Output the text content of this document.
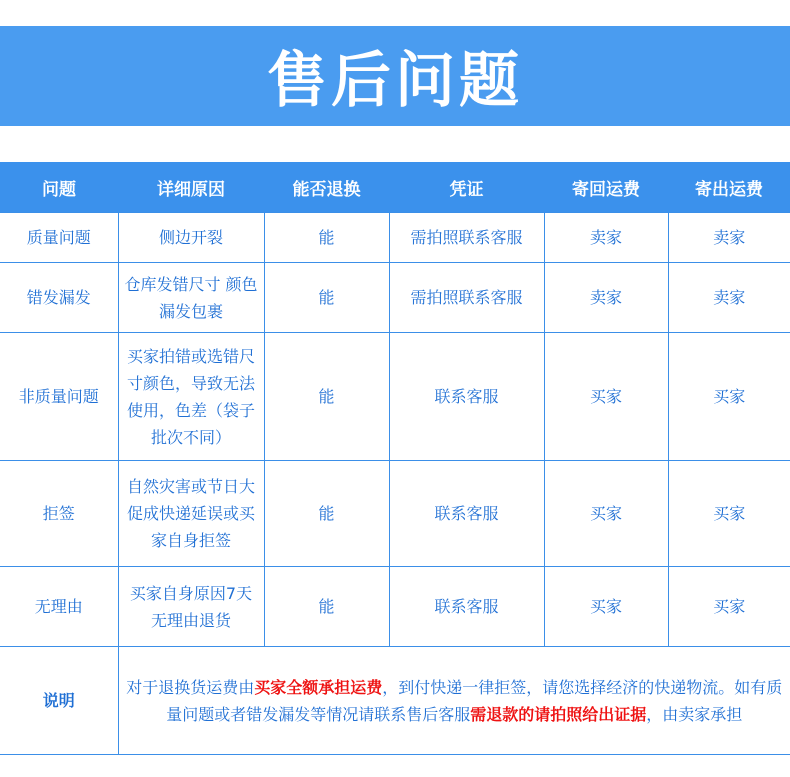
售后问题
问题	详细原因	能否退换	凭证	寄回运费	寄出运费
质量问题	侧边开裂	能	需拍照联系客服	卖家	卖家
错发漏发	仓库发错尺寸 颜色漏发包裹	能	需拍照联系客服	卖家	卖家
非质量问题	买家拍错或选错尺寸颜色，导致无法使用，色差（袋子批次不同）	能	联系客服	买家	买家
拒签	自然灾害或节日大促成快递延误或买家自身拒签	能	联系客服	买家	买家
无理由	买家自身原因7天无理由退货	能	联系客服	买家	买家
说明	对于退换货运费由买家全额承担运费，到付快递一律拒签，请您选择经济的快递物流。如有质量问题或者错发漏发等情况请联系售后客服需退款的请拍照给出证据，由卖家承担				
